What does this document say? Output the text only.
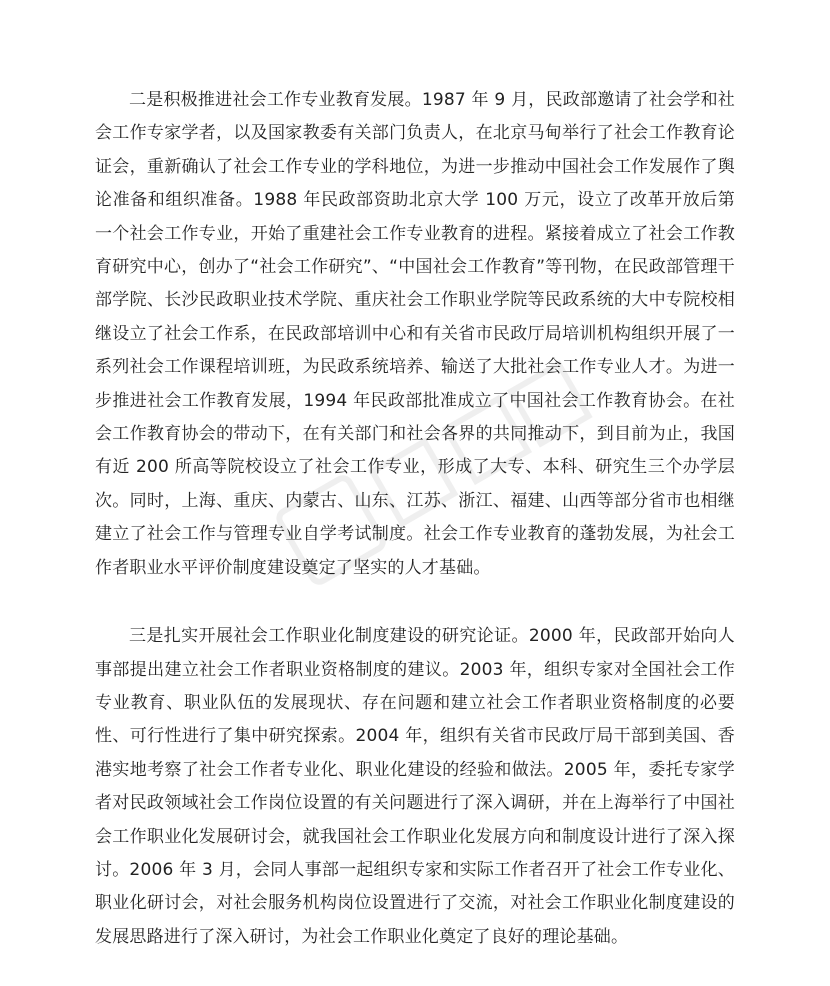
二是积极推进社会工作专业教育发展。1987 年 9 月，民政部邀请了社会学和社会工作专家学者，以及国家教委有关部门负责人，在北京马甸举行了社会工作教育论证会，重新确认了社会工作专业的学科地位，为进一步推动中国社会工作发展作了舆论准备和组织准备。1988 年民政部资助北京大学 100 万元，设立了改革开放后第一个社会工作专业，开始了重建社会工作专业教育的进程。紧接着成立了社会工作教育研究中心，创办了“社会工作研究”、“中国社会工作教育”等刊物，在民政部管理干部学院、长沙民政职业技术学院、重庆社会工作职业学院等民政系统的大中专院校相继设立了社会工作系，在民政部培训中心和有关省市民政厅局培训机构组织开展了一系列社会工作课程培训班，为民政系统培养、输送了大批社会工作专业人才。为进一步推进社会工作教育发展，1994 年民政部批准成立了中国社会工作教育协会。在社会工作教育协会的带动下，在有关部门和社会各界的共同推动下，到目前为止，我国有近 200 所高等院校设立了社会工作专业，形成了大专、本科、研究生三个办学层次。同时，上海、重庆、内蒙古、山东、江苏、浙江、福建、山西等部分省市也相继建立了社会工作与管理专业自学考试制度。社会工作专业教育的蓬勃发展，为社会工作者职业水平评价制度建设奠定了坚实的人才基础。

三是扎实开展社会工作职业化制度建设的研究论证。2000 年，民政部开始向人事部提出建立社会工作者职业资格制度的建议。2003 年，组织专家对全国社会工作专业教育、职业队伍的发展现状、存在问题和建立社会工作者职业资格制度的必要性、可行性进行了集中研究探索。2004 年，组织有关省市民政厅局干部到美国、香港实地考察了社会工作者专业化、职业化建设的经验和做法。2005 年，委托专家学者对民政领域社会工作岗位设置的有关问题进行了深入调研，并在上海举行了中国社会工作职业化发展研讨会，就我国社会工作职业化发展方向和制度设计进行了深入探讨。2006 年 3 月，会同人事部一起组织专家和实际工作者召开了社会工作专业化、职业化研讨会，对社会服务机构岗位设置进行了交流，对社会工作职业化制度建设的发展思路进行了深入研讨，为社会工作职业化奠定了良好的理论基础。
